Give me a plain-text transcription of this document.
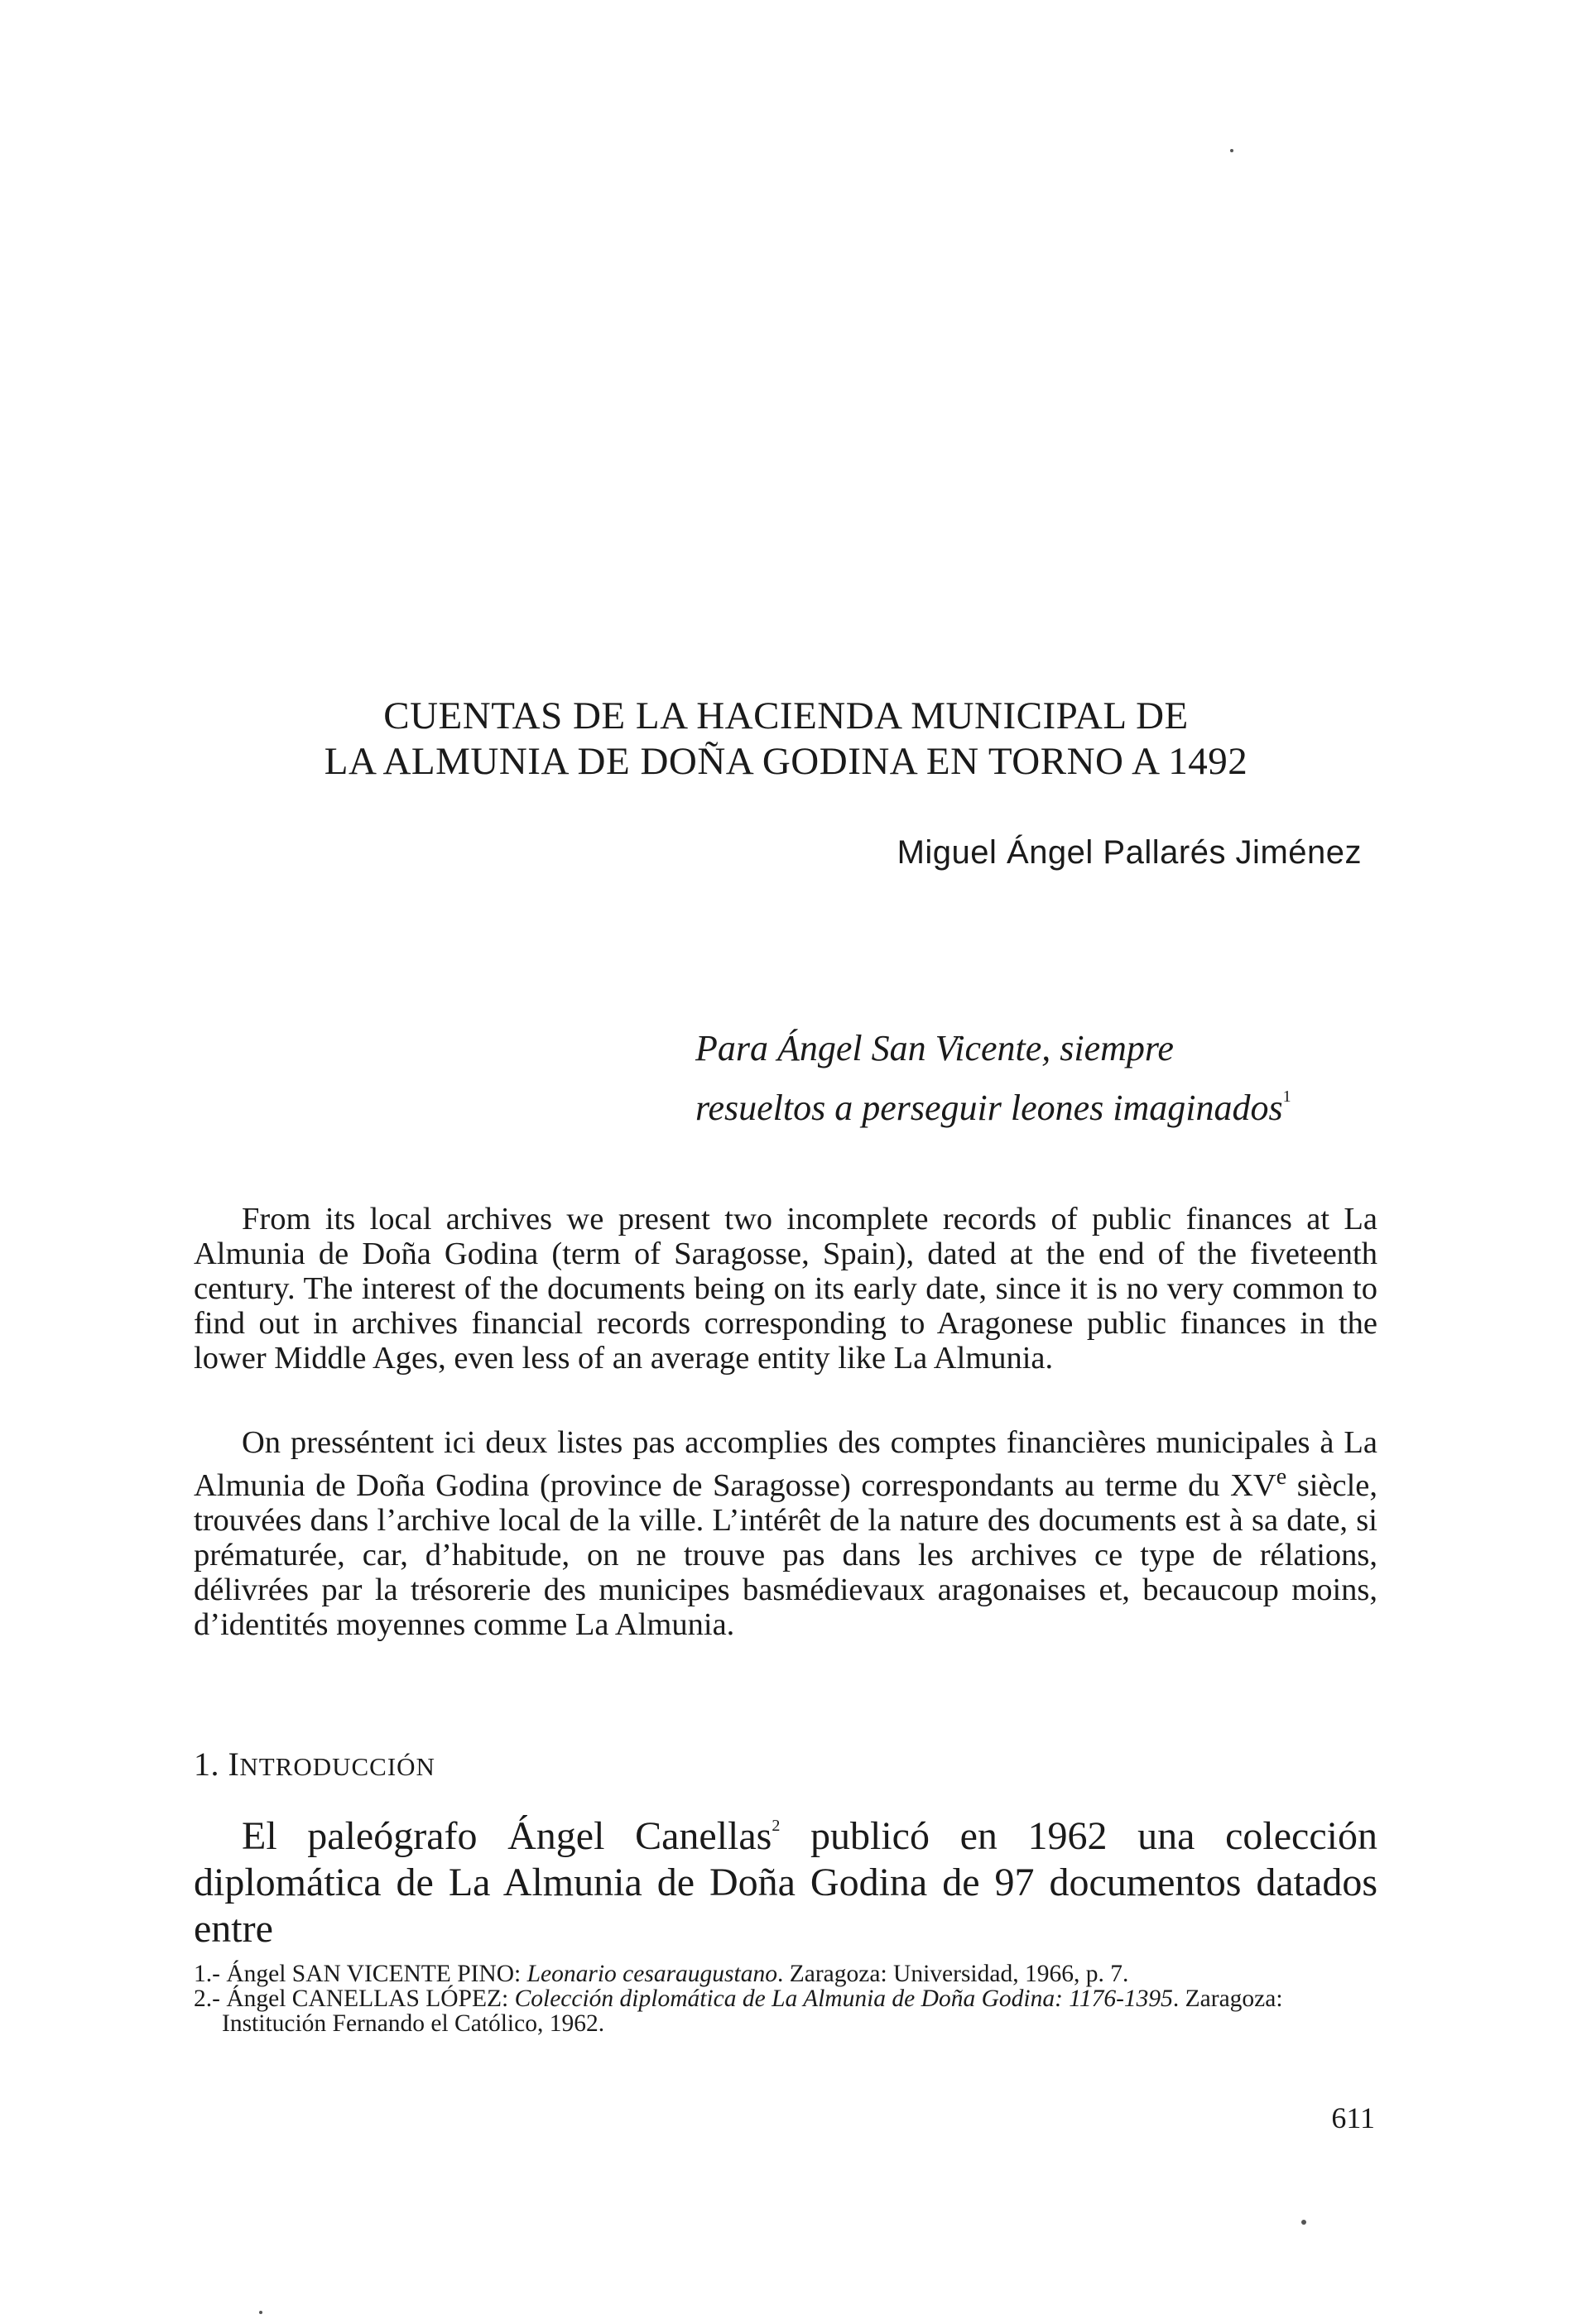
CUENTAS DE LA HACIENDA MUNICIPAL DE
LA ALMUNIA DE DOÑA GODINA EN TORNO A 1492
Miguel Ángel Pallarés Jiménez
Para Ángel San Vicente, siempre
resueltos a perseguir leones imaginados$^1$

From its local archives we present two incomplete records of public finances at La Almunia de Doña Godina (term of Saragosse, Spain), dated at the end of the fiveteenth century. The interest of the documents being on its early date, since it is no very common to find out in archives financial records corresponding to Aragonese public finances in the lower Middle Ages, even less of an average entity like La Almunia.

On presséntent ici deux listes pas accomplies des comptes financières municipales à La Almunia de Doña Godina (province de Saragosse) correspondants au terme du XVe siècle, trouvées dans l’archive local de la ville. L’intérêt de la nature des documents est à sa date, si prématurée, car, d’habitude, on ne trouve pas dans les archives ce type de rélations, délivrées par la trésorerie des municipes basmédievaux aragonaises et, becaucoup moins, d’identités moyennes comme La Almunia.

1. INTRODUCCIÓN

El paleógrafo Ángel Canellas$^2$ publicó en 1962 una colección diplomática de La Almunia de Doña Godina de 97 documentos datados entre

1.- Ángel SAN VICENTE PINO: Leonario cesaraugustano. Zaragoza: Universidad, 1966, p. 7.

2.- Ángel CANELLAS LÓPEZ: Colección diplomática de La Almunia de Doña Godina: 1176-1395. Zaragoza: Institución Fernando el Católico, 1962.

611
